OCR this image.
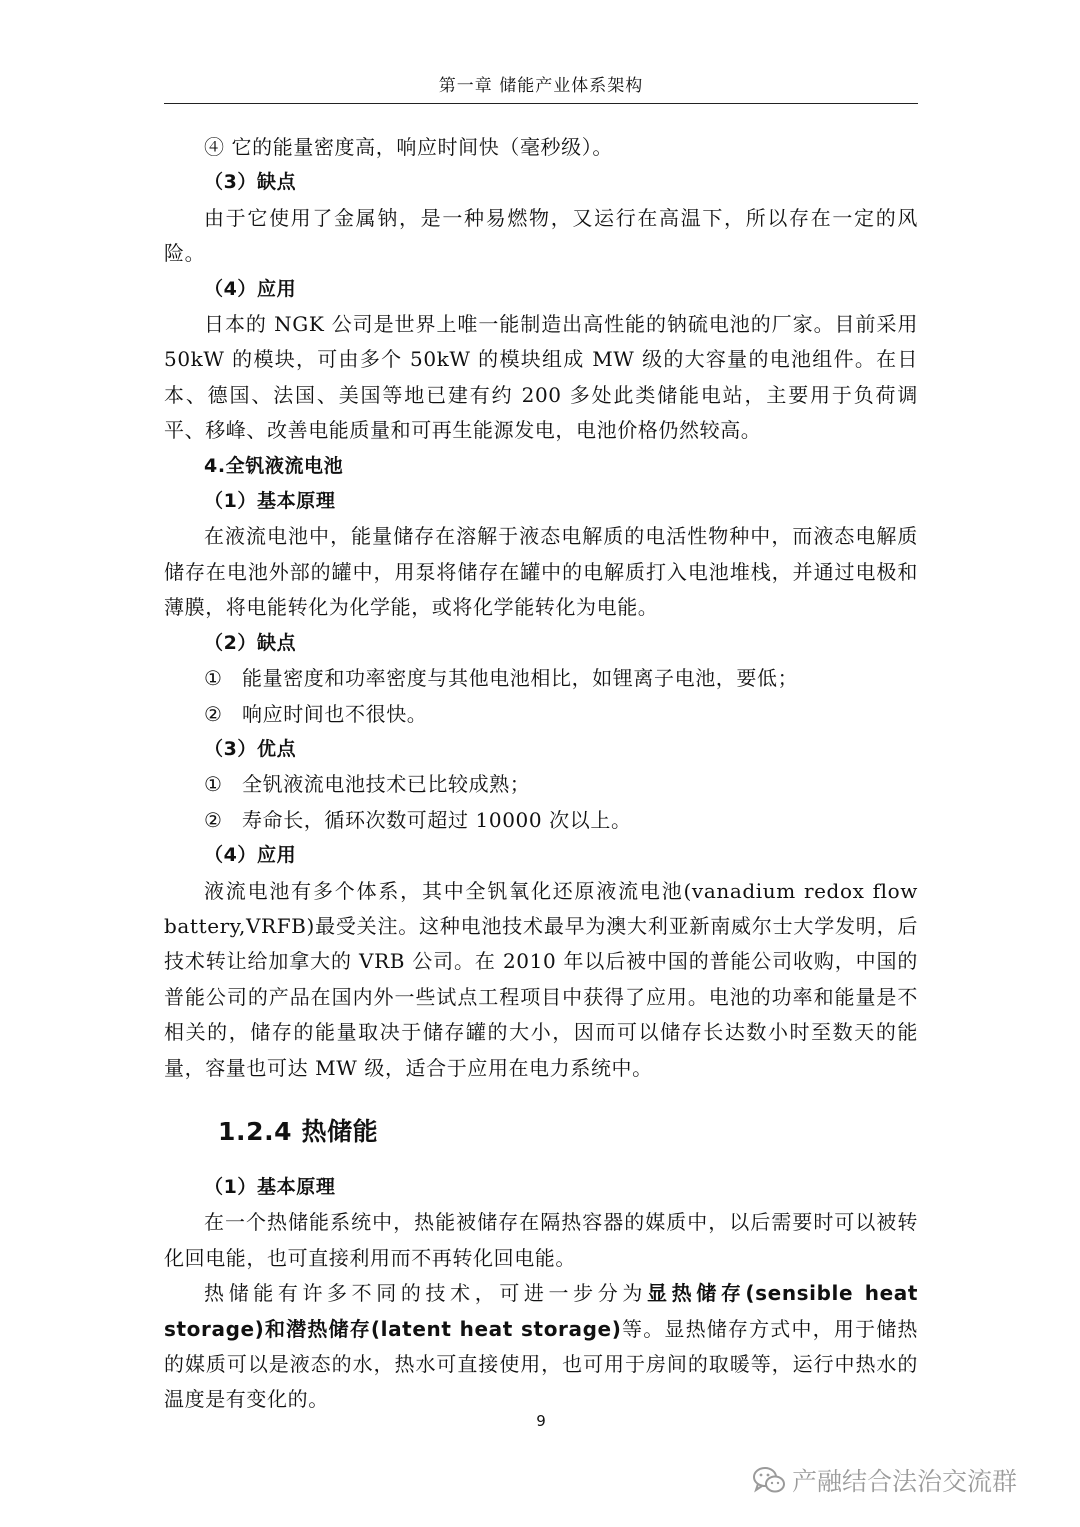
第一章 储能产业体系架构

④ 它的能量密度高，响应时间快（毫秒级）。

（3）缺点

由于它使用了金属钠，是一种易燃物，又运行在高温下，所以存在一定的风险。

（4）应用

日本的 NGK 公司是世界上唯一能制造出高性能的钠硫电池的厂家。目前采用 50kW 的模块，可由多个 50kW 的模块组成 MW 级的大容量的电池组件。在日本、德国、法国、美国等地已建有约 200 多处此类储能电站，主要用于负荷调平、移峰、改善电能质量和可再生能源发电，电池价格仍然较高。

4.全钒液流电池

（1）基本原理

在液流电池中，能量储存在溶解于液态电解质的电活性物种中，而液态电解质储存在电池外部的罐中，用泵将储存在罐中的电解质打入电池堆栈，并通过电极和薄膜，将电能转化为化学能，或将化学能转化为电能。

（2）缺点

① 能量密度和功率密度与其他电池相比，如锂离子电池，要低；

② 响应时间也不很快。

（3）优点

① 全钒液流电池技术已比较成熟；

② 寿命长，循环次数可超过 10000 次以上。

（4）应用

液流电池有多个体系，其中全钒氧化还原液流电池(vanadium redox flow battery,VRFB)最受关注。这种电池技术最早为澳大利亚新南威尔士大学发明，后技术转让给加拿大的 VRB 公司。在 2010 年以后被中国的普能公司收购，中国的普能公司的产品在国内外一些试点工程项目中获得了应用。电池的功率和能量是不相关的，储存的能量取决于储存罐的大小，因而可以储存长达数小时至数天的能量，容量也可达 MW 级，适合于应用在电力系统中。

1.2.4 热储能

（1）基本原理

在一个热储能系统中，热能被储存在隔热容器的媒质中，以后需要时可以被转化回电能，也可直接利用而不再转化回电能。

热储能有许多不同的技术，可进一步分为显热储存(sensible heat storage)和潜热储存(latent heat storage)等。显热储存方式中，用于储热的媒质可以是液态的水，热水可直接使用，也可用于房间的取暖等，运行中热水的温度是有变化的。

9
产融结合法治交流群
